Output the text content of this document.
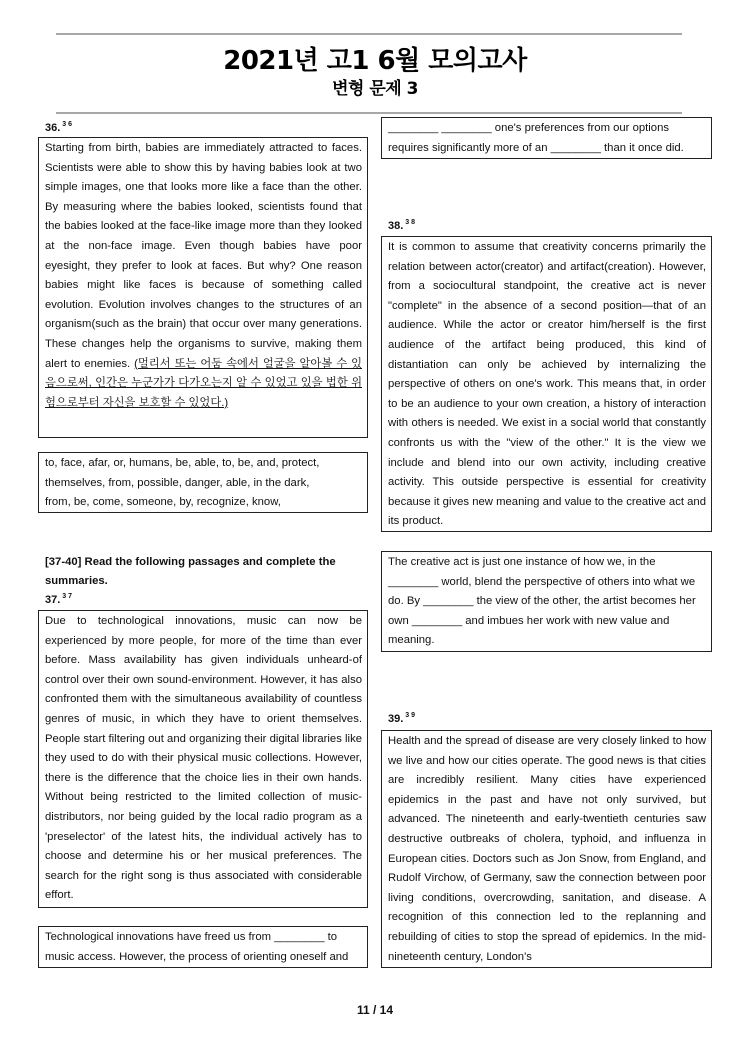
2021년 고1 6월 모의고사
변형 문제 3
36. $^{3 6}$
Starting from birth, babies are immediately attracted to faces. Scientists were able to show this by having babies look at two simple images, one that looks more like a face than the other. By measuring where the babies looked, scientists found that the babies looked at the face-like image more than they looked at the non-face image. Even though babies have poor eyesight, they prefer to look at faces. But why? One reason babies might like faces is because of something called evolution. Evolution involves changes to the structures of an organism(such as the brain) that occur over many generations. These changes help the organisms to survive, making them alert to enemies. (멀리서 또는 어둠 속에서 얼굴을 알아볼 수 있음으로써, 인간은 누군가가 다가오는지 알 수 있었고 있을 법한 위험으로부터 자신을 보호할 수 있었다.)
to, face, afar, or, humans, be, able, to, be, and, protect,
themselves, from, possible, danger, able, in the dark,
from, be, come, someone, by, recognize, know,
[37-40] Read the following passages and complete the summaries.
37. $^{3 7}$
Due to technological innovations, music can now be experienced by more people, for more of the time than ever before. Mass availability has given individuals unheard-of control over their own sound-environment. However, it has also confronted them with the simultaneous availability of countless genres of music, in which they have to orient themselves. People start filtering out and organizing their digital libraries like they used to do with their physical music collections. However, there is the difference that the choice lies in their own hands. Without being restricted to the limited collection of music-distributors, nor being guided by the local radio program as a 'preselector' of the latest hits, the individual actively has to choose and determine his or her musical preferences. The search for the right song is thus associated with considerable effort.
Technological innovations have freed us from ________ to
music access. However, the process of orienting oneself and
________ ________ one's preferences from our options
requires significantly more of an ________ than it once did.
38. $^{3 8}$
It is common to assume that creativity concerns primarily the relation between actor(creator) and artifact(creation). However, from a sociocultural standpoint, the creative act is never "complete" in the absence of a second position—that of an audience. While the actor or creator him/herself is the first audience of the artifact being produced, this kind of distantiation can only be achieved by internalizing the perspective of others on one's work. This means that, in order to be an audience to your own creation, a history of interaction with others is needed. We exist in a social world that constantly confronts us with the "view of the other." It is the view we include and blend into our own activity, including creative activity. This outside perspective is essential for creativity because it gives new meaning and value to the creative act and its product.
The creative act is just one instance of how we, in the ________ world, blend the perspective of others into what we do. By ________ the view of the other, the artist becomes her own ________ and imbues her work with new value and meaning.
39. $^{3 9}$
Health and the spread of disease are very closely linked to how we live and how our cities operate. The good news is that cities are incredibly resilient. Many cities have experienced epidemics in the past and have not only survived, but advanced. The nineteenth and early-twentieth centuries saw destructive outbreaks of cholera, typhoid, and influenza in European cities. Doctors such as Jon Snow, from England, and Rudolf Virchow, of Germany, saw the connection between poor living conditions, overcrowding, sanitation, and disease. A recognition of this connection led to the replanning and rebuilding of cities to stop the spread of epidemics. In the mid-nineteenth century, London's
11 / 14
